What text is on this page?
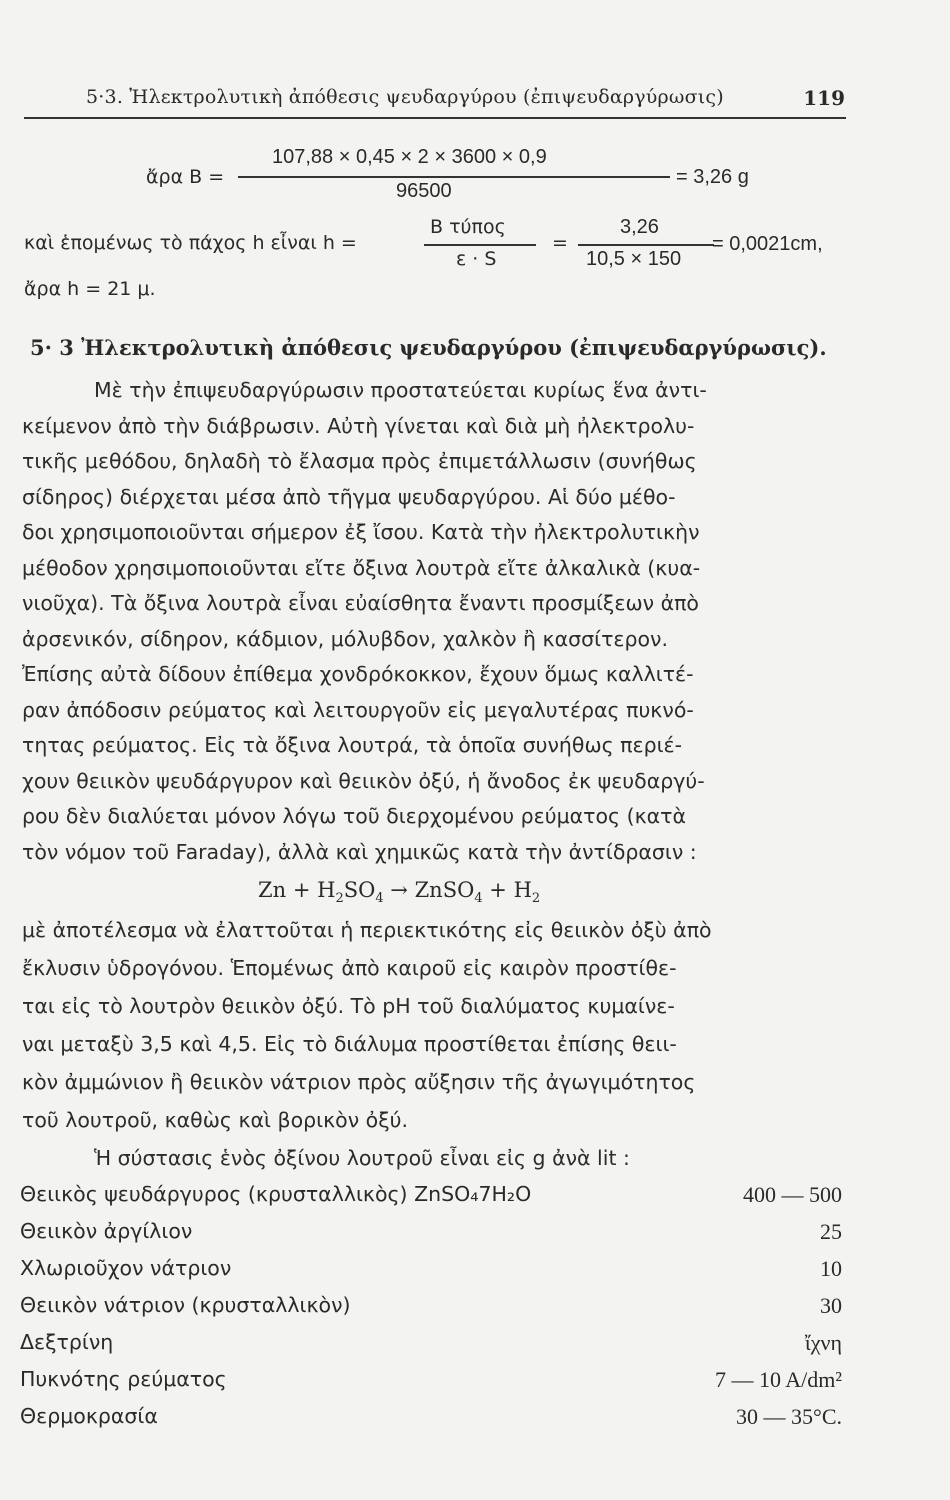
5·3. Ἠλεκτρολυτικὴ ἀπόθεσις ψευδαργύρου (ἐπιψευδαργύρωσις)	119
ἄρα B =
107,88 × 0,45 × 2 × 3600 × 0,9
96500
= 3,26 g
καὶ ἑπομένως τὸ πάχος h εἶναι h =
B τύπος
ε · S
=
3,26
10,5 × 150
= 0,0021cm,
ἄρα h = 21 μ.
5· 3 Ἠλεκτρολυτικὴ ἀπόθεσις ψευδαργύρου (ἐπιψευδαργύρωσις).
Μὲ τὴν ἐπιψευδαργύρωσιν προστατεύεται κυρίως ἕνα ἀντι-
κείμενον ἀπὸ τὴν διάβρωσιν. Αὐτὴ γίνεται καὶ διὰ μὴ ἠλεκτρολυ-
τικῆς μεθόδου, δηλαδὴ τὸ ἔλασμα πρὸς ἐπιμετάλλωσιν (συνήθως
σίδηρος) διέρχεται μέσα ἀπὸ τῆγμα ψευδαργύρου. Αἱ δύο μέθο-
δοι χρησιμοποιοῦνται σήμερον ἐξ ἴσου. Κατὰ τὴν ἠλεκτρολυτικὴν
μέθοδον χρησιμοποιοῦνται εἴτε ὄξινα λουτρὰ εἴτε ἀλκαλικὰ (κυα-
νιοῦχα). Τὰ ὄξινα λουτρὰ εἶναι εὐαίσθητα ἔναντι προσμίξεων ἀπὸ
ἀρσενικόν, σίδηρον, κάδμιον, μόλυβδον, χαλκὸν ἢ κασσίτερον.
Ἐπίσης αὐτὰ δίδουν ἐπίθεμα χονδρόκοκκον, ἔχουν ὅμως καλλιτέ-
ραν ἀπόδοσιν ρεύματος καὶ λειτουργοῦν εἰς μεγαλυτέρας πυκνό-
τητας ρεύματος. Εἰς τὰ ὄξινα λουτρά, τὰ ὁποῖα συνήθως περιέ-
χουν θειικὸν ψευδάργυρον καὶ θειικὸν ὀξύ, ἡ ἄνοδος ἐκ ψευδαργύ-
ρου δὲν διαλύεται μόνον λόγω τοῦ διερχομένου ρεύματος (κατὰ
$Zn + H_2SO_4$ → ZnSO$_4$ + $H_2$
μὲ ἀποτέλεσμα νὰ ἐλαττοῦται ἡ περιεκτικότης εἰς θειικὸν ὀξὺ ἀπὸ
ἔκλυσιν ὑδρογόνου. Ἑπομένως ἀπὸ καιροῦ εἰς καιρὸν προστίθε-
ται εἰς τὸ λουτρὸν θειικὸν ὀξύ. Τὸ pH τοῦ διαλύματος κυμαίνε-
ναι μεταξὺ 3,5 καὶ 4,5. Εἰς τὸ διάλυμα προστίθεται ἐπίσης θειι-
κὸν ἀμμώνιον ἢ θειικὸν νάτριον πρὸς αὔξησιν τῆς ἀγωγιμότητος
τοῦ λουτροῦ, καθὼς καὶ βορικὸν ὀξύ.
Ἡ σύστασις ἑνὸς ὀξίνου λουτροῦ εἶναι εἰς g ἀνὰ lit :
Θειικὸς ψευδάργυρος (κρυσταλλικὸς) ZnSO₄7H₂O	400 — 500
Θειικὸν ἀργίλιον	25
Χλωριοῦχον νάτριον	10
Θειικὸν νάτριον (κρυσταλλικὸν)	30
Δεξτρίνη	ἴχνη
Πυκνότης ρεύματος	7 — 10 A/dm²
Θερμοκρασία	30 — 35°C.
τὸν νόμον τοῦ Faraday), ἀλλὰ καὶ χημικῶς κατὰ τὴν ἀντίδρασιν :
